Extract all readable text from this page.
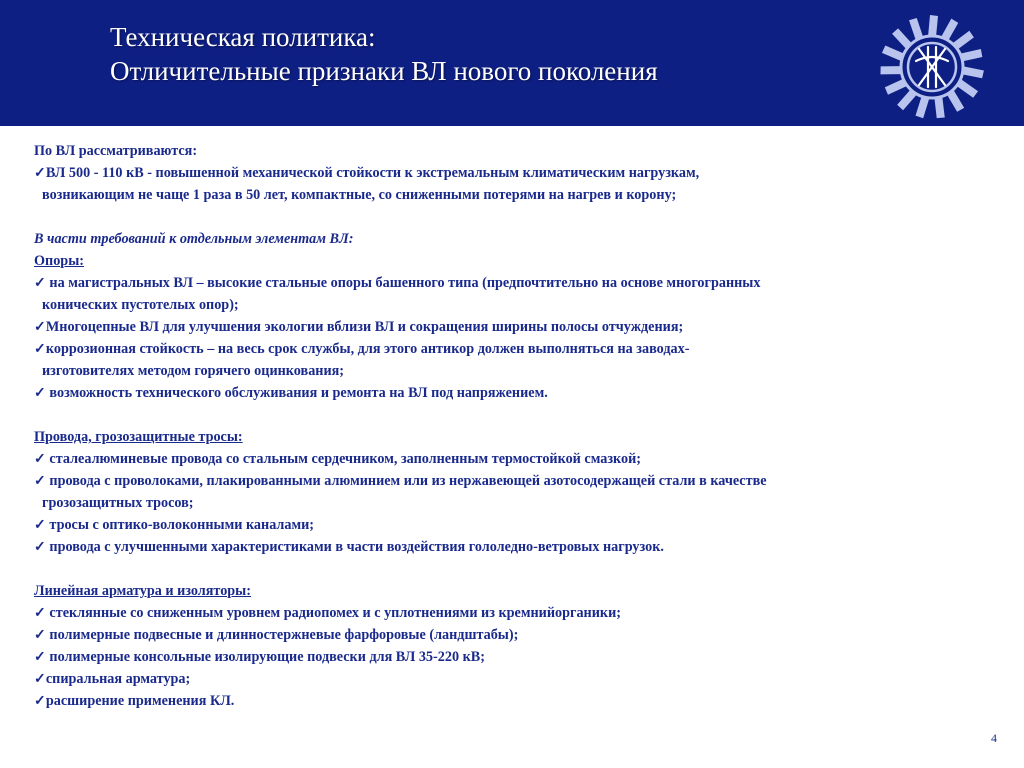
Техническая политика:
Отличительные признаки ВЛ нового поколения
По ВЛ рассматриваются:
✓ВЛ 500 - 110 кВ - повышенной механической стойкости к экстремальным климатическим нагрузкам,
возникающим не чаще 1 раза в 50 лет, компактные, со сниженными потерями на нагрев и корону;
В части требований к отдельным элементам ВЛ:
Опоры:
✓ на магистральных ВЛ – высокие стальные опоры башенного типа (предпочтительно на основе многогранных
конических пустотелых опор);
✓Многоцепные ВЛ для улучшения экологии вблизи ВЛ и сокращения ширины полосы отчуждения;
✓коррозионная стойкость – на весь срок службы, для этого антикор должен выполняться на заводах-
изготовителях методом горячего оцинкования;
✓ возможность технического обслуживания и ремонта на ВЛ под напряжением.
Провода, грозозащитные тросы:
✓ сталеалюминевые провода со стальным сердечником, заполненным термостойкой смазкой;
✓ провода с проволоками, плакированными алюминием или из нержавеющей азотосодержащей стали в качестве
грозозащитных тросов;
✓ тросы с оптико-волоконными каналами;
✓ провода с улучшенными характеристиками в части воздействия гололедно-ветровых нагрузок.
Линейная арматура и изоляторы:
✓ стеклянные со сниженным уровнем радиопомех и с уплотнениями из кремнийорганики;
✓ полимерные подвесные и длинностержневые фарфоровые (ландштабы);
✓ полимерные консольные изолирующие подвески для ВЛ 35-220 кВ;
✓спиральная арматура;
✓расширение применения КЛ.
4
